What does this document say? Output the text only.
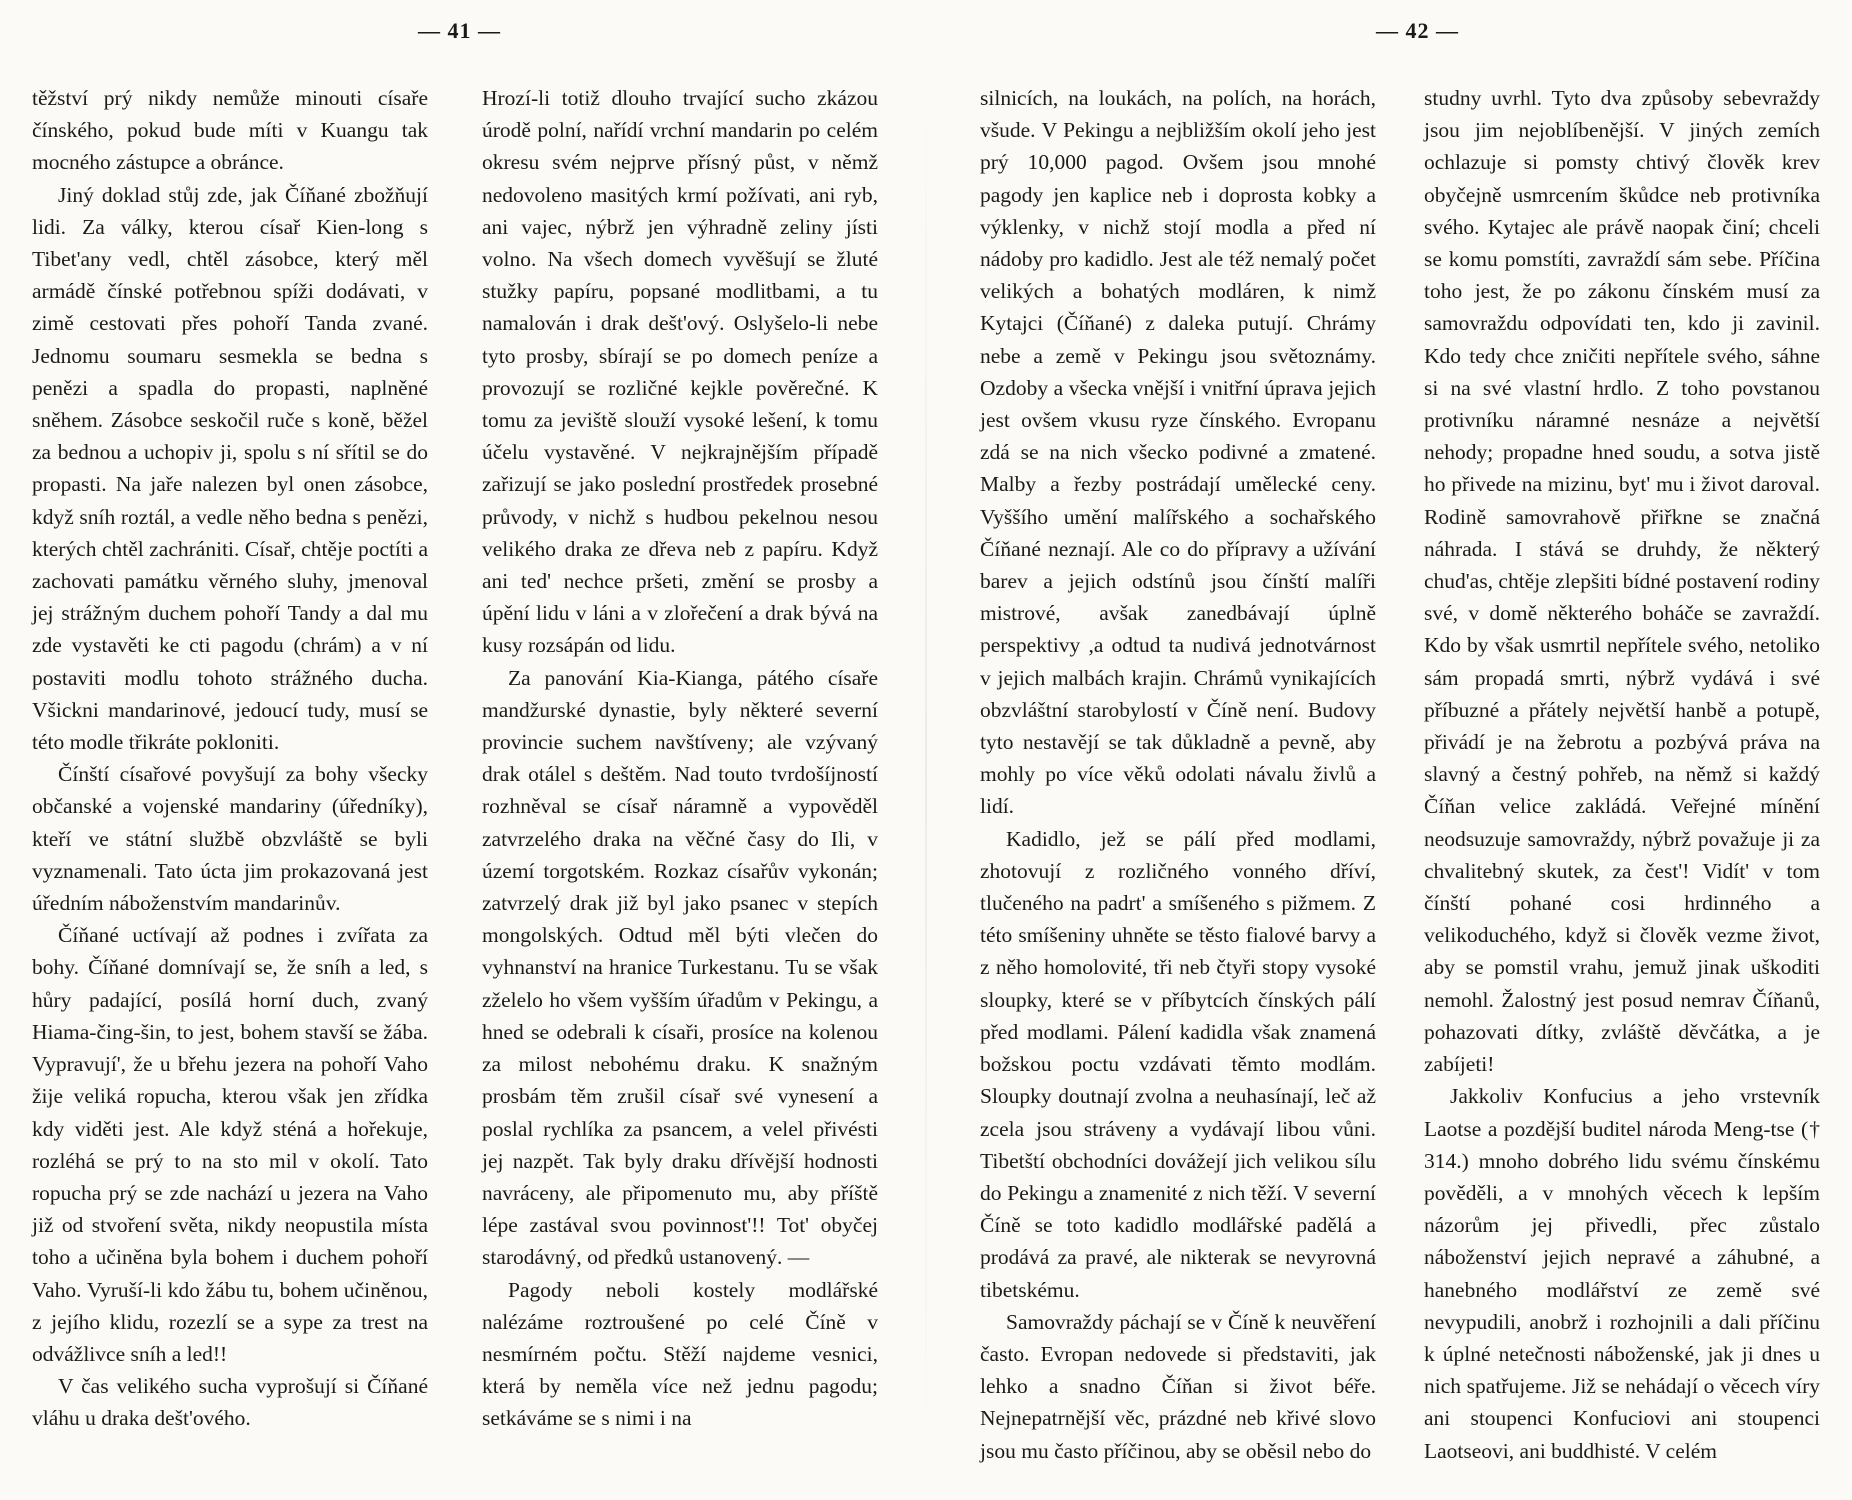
— 41 —	— 42 —

těžství prý nikdy nemůže minouti císaře čínského, pokud bude míti v Kuangu tak mocného zástupce a obránce.

Jiný doklad stůj zde, jak Číňané zbožňují lidi. Za války, kterou císař Kien-long s Tibet'any vedl, chtěl zásobce, který měl armádě čínské potřebnou spíži dodávati, v zimě cestovati přes pohoří Tanda zvané. Jednomu soumaru sesmekla se bedna s penězi a spadla do propasti, naplněné sněhem. Zásobce seskočil ruče s koně, běžel za bednou a uchopiv ji, spolu s ní sřítil se do propasti. Na jaře nalezen byl onen zásobce, když sníh roztál, a vedle něho bedna s penězi, kterých chtěl zachrániti. Císař, chtěje poctíti a zachovati památku věrného sluhy, jmenoval jej strážným duchem pohoří Tandy a dal mu zde vystavěti ke cti pagodu (chrám) a v ní postaviti modlu tohoto strážného ducha. Všickni mandarinové, jedoucí tudy, musí se této modle třikráte pokloniti.

Čínští císařové povyšují za bohy všecky občanské a vojenské mandariny (úředníky), kteří ve státní službě obzvláště se byli vyznamenali. Tato úcta jim prokazovaná jest úředním náboženstvím mandarinův.

Číňané uctívají až podnes i zvířata za bohy. Číňané domnívají se, že sníh a led, s hůry padající, posílá horní duch, zvaný Hiama-čing-šin, to jest, bohem stavší se žába. Vypravují', že u břehu jezera na pohoří Vaho žije veliká ropucha, kterou však jen zřídka kdy viděti jest. Ale když sténá a hořekuje, rozléhá se prý to na sto mil v okolí. Tato ropucha prý se zde nachází u jezera na Vaho již od stvoření světa, nikdy neopustila místa toho a učiněna byla bohem i duchem pohoří Vaho. Vyruší-li kdo žábu tu, bohem učiněnou, z jejího klidu, rozezlí se a sype za trest na odvážlivce sníh a led!!

V čas velikého sucha vyprošují si Číňané vláhu u draka dešt'ového.

Hrozí-li totiž dlouho trvající sucho zkázou úrodě polní, nařídí vrchní mandarin po celém okresu svém nejprve přísný půst, v němž nedovoleno masitých krmí požívati, ani ryb, ani vajec, nýbrž jen výhradně zeliny jísti volno. Na všech domech vyvěšují se žluté stužky papíru, popsané modlitbami, a tu namalován i drak dešt'ový. Oslyšelo-li nebe tyto prosby, sbírají se po domech peníze a provozují se rozličné kejkle pověrečné. K tomu za jeviště slouží vysoké lešení, k tomu účelu vystavěné. V nejkrajnějším případě zařizují se jako poslední prostředek prosebné průvody, v nichž s hudbou pekelnou nesou velikého draka ze dřeva neb z papíru. Když ani ted' nechce pršeti, změní se prosby a úpění lidu v láni a v zlořečení a drak bývá na kusy rozsápán od lidu.

Za panování Kia-Kianga, pátého císaře mandžurské dynastie, byly některé severní provincie suchem navštíveny; ale vzývaný drak otálel s deštěm. Nad touto tvrdošíjností rozhněval se císař náramně a vypověděl zatvrzelého draka na věčné časy do Ili, v území torgotském. Rozkaz císařův vykonán; zatvrzelý drak již byl jako psanec v stepích mongolských. Odtud měl býti vlečen do vyhnanství na hranice Turkestanu. Tu se však zželelo ho všem vyšším úřadům v Pekingu, a hned se odebrali k císaři, prosíce na kolenou za milost nebohému draku. K snažným prosbám těm zrušil císař své vynesení a poslal rychlíka za psancem, a velel přivésti jej nazpět. Tak byly draku dřívější hodnosti navráceny, ale připomenuto mu, aby příště lépe zastával svou povinnost'!! Tot' obyčej starodávný, od předků ustanovený. —

Pagody neboli kostely modlářské nalézáme roztroušené po celé Číně v nesmírném počtu. Stěží najdeme vesnici, která by neměla více než jednu pagodu; setkáváme se s nimi i na

silnicích, na loukách, na polích, na horách, všude. V Pekingu a nejbližším okolí jeho jest prý 10,000 pagod. Ovšem jsou mnohé pagody jen kaplice neb i doprosta kobky a výklenky, v nichž stojí modla a před ní nádoby pro kadidlo. Jest ale též nemalý počet velikých a bohatých modláren, k nimž Kytajci (Číňané) z daleka putují. Chrámy nebe a země v Pekingu jsou světoznámy. Ozdoby a všecka vnější i vnitřní úprava jejich jest ovšem vkusu ryze čínského. Evropanu zdá se na nich všecko podivné a zmatené. Malby a řezby postrádají umělecké ceny. Vyššího umění malířského a sochařského Číňané neznají. Ale co do přípravy a užívání barev a jejich odstínů jsou čínští malíři mistrové, avšak zanedbávají úplně perspektivy ,a odtud ta nudivá jednotvárnost v jejich malbách krajin. Chrámů vynikajících obzvláštní starobylostí v Číně není. Budovy tyto nestavějí se tak důkladně a pevně, aby mohly po více věků odolati návalu živlů a lidí.

Kadidlo, jež se pálí před modlami, zhotovují z rozličného vonného dříví, tlučeného na padrt' a smíšeného s pižmem. Z této smíšeniny uhněte se těsto fialové barvy a z něho homolovité, tři neb čtyři stopy vysoké sloupky, které se v příbytcích čínských pálí před modlami. Pálení kadidla však znamená božskou poctu vzdávati těmto modlám. Sloupky doutnají zvolna a neuhasínají, leč až zcela jsou stráveny a vydávají libou vůni. Tibetští obchodníci dovážejí jich velikou sílu do Pekingu a znamenité z nich těží. V severní Číně se toto kadidlo modlářské padělá a prodává za pravé, ale nikterak se nevyrovná tibetskému.

Samovraždy páchají se v Číně k neuvěření často. Evropan nedovede si představiti, jak lehko a snadno Číňan si život béře. Nejnepatrnější věc, prázdné neb křivé slovo jsou mu často příčinou, aby se oběsil nebo do

studny uvrhl. Tyto dva způsoby sebevraždy jsou jim nejoblíbenější. V jiných zemích ochlazuje si pomsty chtivý člověk krev obyčejně usmrcením škůdce neb protivníka svého. Kytajec ale právě naopak činí; chceli se komu pomstíti, zavraždí sám sebe. Příčina toho jest, že po zákonu čínském musí za samovraždu odpovídati ten, kdo ji zavinil. Kdo tedy chce zničiti nepřítele svého, sáhne si na své vlastní hrdlo. Z toho povstanou protivníku náramné nesnáze a největší nehody; propadne hned soudu, a sotva jistě ho přivede na mizinu, byt' mu i život daroval. Rodině samovrahově přiřkne se značná náhrada. I stává se druhdy, že některý chud'as, chtěje zlepšiti bídné postavení rodiny své, v domě některého boháče se zavraždí. Kdo by však usmrtil nepřítele svého, netoliko sám propadá smrti, nýbrž vydává i své příbuzné a přátely největší hanbě a potupě, přivádí je na žebrotu a pozbývá práva na slavný a čestný pohřeb, na němž si každý Číňan velice zakládá. Veřejné mínění neodsuzuje samovraždy, nýbrž považuje ji za chvalitebný skutek, za čest'! Vidít' v tom čínští pohané cosi hrdinného a velikoduchého, když si člověk vezme život, aby se pomstil vrahu, jemuž jinak uškoditi nemohl. Žalostný jest posud nemrav Číňanů, pohazovati dítky, zvláště děvčátka, a je zabíjeti!

Jakkoliv Konfucius a jeho vrstevník Laotse a pozdější buditel národa Meng-tse († 314.) mnoho dobrého lidu svému čínskému pověděli, a v mnohých věcech k lepším názorům jej přivedli, přec zůstalo náboženství jejich nepravé a záhubné, a hanebného modlářství ze země své nevypudili, anobrž i rozhojnili a dali příčinu k úplné netečnosti náboženské, jak ji dnes u nich spatřujeme. Již se nehádají o věcech víry ani stoupenci Konfuciovi ani stoupenci Laotseovi, ani buddhisté. V celém
